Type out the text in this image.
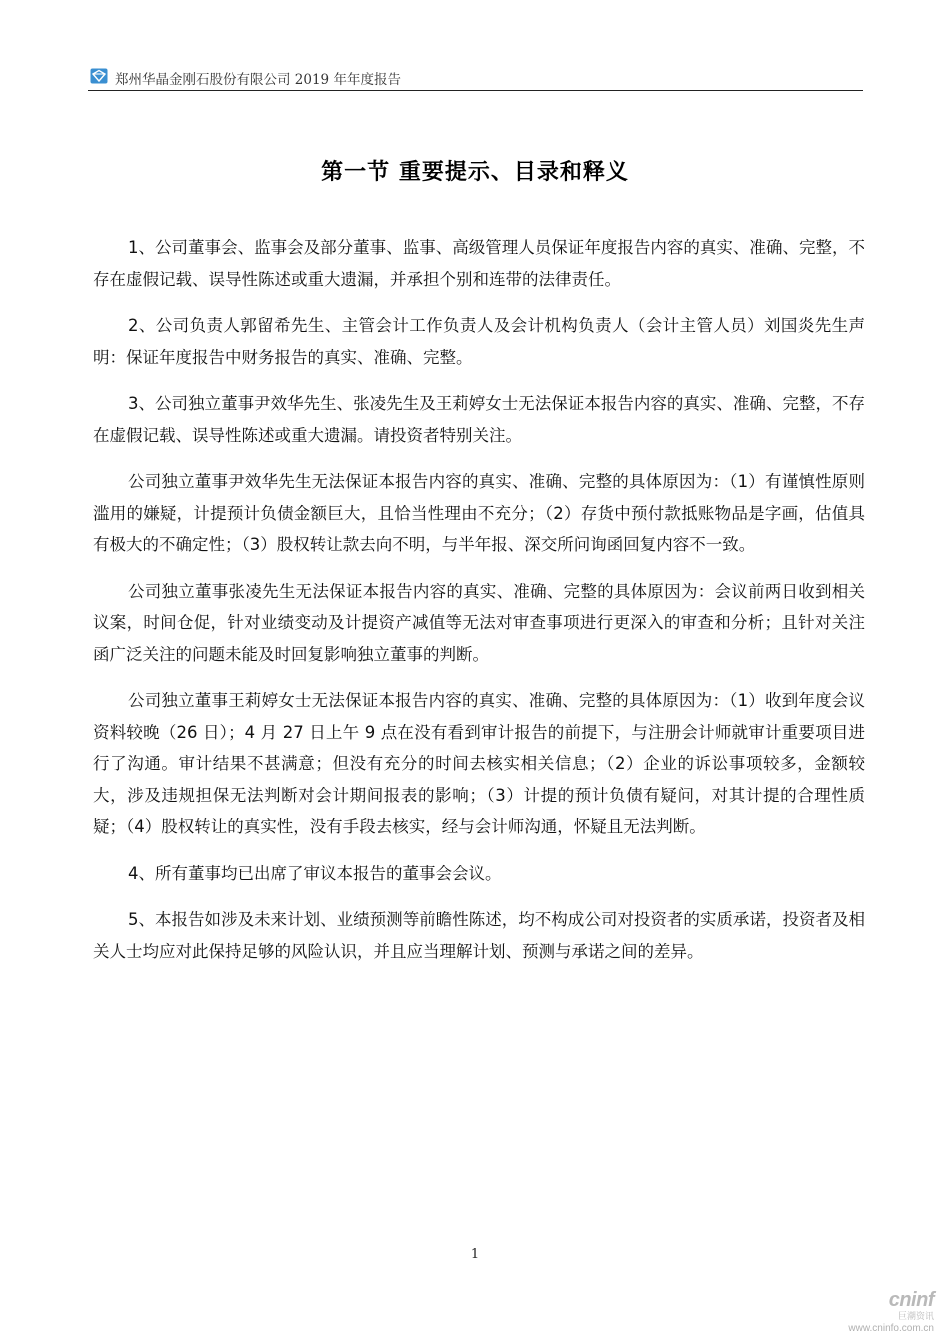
郑州华晶金刚石股份有限公司 2019 年年度报告
第一节 重要提示、目录和释义

1、公司董事会、监事会及部分董事、监事、高级管理人员保证年度报告内容的真实、准确、完整，不存在虚假记载、误导性陈述或重大遗漏，并承担个别和连带的法律责任。

2、公司负责人郭留希先生、主管会计工作负责人及会计机构负责人（会计主管人员）刘国炎先生声明：保证年度报告中财务报告的真实、准确、完整。

3、公司独立董事尹效华先生、张凌先生及王莉婷女士无法保证本报告内容的真实、准确、完整，不存在虚假记载、误导性陈述或重大遗漏。请投资者特别关注。

公司独立董事尹效华先生无法保证本报告内容的真实、准确、完整的具体原因为：（1）有谨慎性原则滥用的嫌疑，计提预计负债金额巨大，且恰当性理由不充分；（2）存货中预付款抵账物品是字画，估值具有极大的不确定性；（3）股权转让款去向不明，与半年报、深交所问询函回复内容不一致。

公司独立董事张凌先生无法保证本报告内容的真实、准确、完整的具体原因为：会议前两日收到相关议案，时间仓促，针对业绩变动及计提资产减值等无法对审查事项进行更深入的审查和分析；且针对关注函广泛关注的问题未能及时回复影响独立董事的判断。

公司独立董事王莉婷女士无法保证本报告内容的真实、准确、完整的具体原因为：（1）收到年度会议资料较晚（26 日）；4 月 27 日上午 9 点在没有看到审计报告的前提下，与注册会计师就审计重要项目进行了沟通。审计结果不甚满意；但没有充分的时间去核实相关信息；（2）企业的诉讼事项较多，金额较大，涉及违规担保无法判断对会计期间报表的影响；（3）计提的预计负债有疑问，对其计提的合理性质疑；（4）股权转让的真实性，没有手段去核实，经与会计师沟通，怀疑且无法判断。

4、所有董事均已出席了审议本报告的董事会会议。

5、本报告如涉及未来计划、业绩预测等前瞻性陈述，均不构成公司对投资者的实质承诺，投资者及相关人士均应对此保持足够的风险认识，并且应当理解计划、预测与承诺之间的差异。

1
cninf
巨潮资讯
www.cninfo.com.cn
